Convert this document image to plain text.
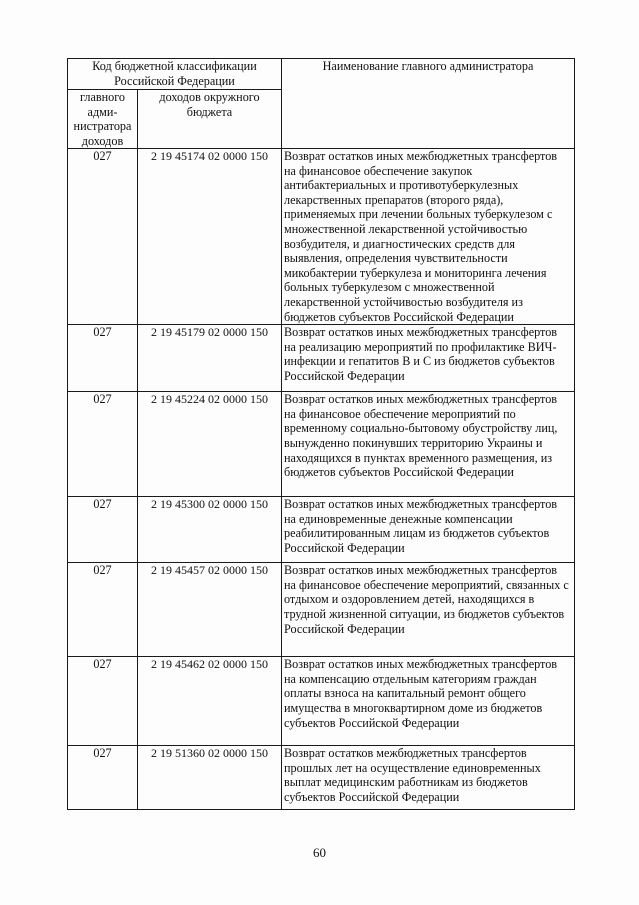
Код бюджетной классификации Российской Федерации		Наименование главного администратора
главного адми-нистратора доходов	доходов окружного бюджета	
027	2 19 45174 02 0000 150	Возврат остатков иных межбюджетных трансфертов на финансовое обеспечение закупок антибактериальных и противотуберкулезных лекарственных препаратов (второго ряда), применяемых при лечении больных туберкулезом с множественной лекарственной устойчивостью возбудителя, и диагностических средств для выявления, определения чувствительности микобактерии туберкулеза и мониторинга лечения больных туберкулезом с множественной лекарственной устойчивостью возбудителя из бюджетов субъектов Российской Федерации
027	2 19 45179 02 0000 150	Возврат остатков иных межбюджетных трансфертов на реализацию мероприятий по профилактике ВИЧ-инфекции и гепатитов B и C из бюджетов субъектов Российской Федерации
027	2 19 45224 02 0000 150	Возврат остатков иных межбюджетных трансфертов на финансовое обеспечение мероприятий по временному социально-бытовому обустройству лиц, вынужденно покинувших территорию Украины и находящихся в пунктах временного размещения, из бюджетов субъектов Российской Федерации
027	2 19 45300 02 0000 150	Возврат остатков иных межбюджетных трансфертов на единовременные денежные компенсации реабилитированным лицам из бюджетов субъектов Российской Федерации
027	2 19 45457 02 0000 150	Возврат остатков иных межбюджетных трансфертов на финансовое обеспечение мероприятий, связанных с отдыхом и оздоровлением детей, находящихся в трудной жизненной ситуации, из бюджетов субъектов Российской Федерации
027	2 19 45462 02 0000 150	Возврат остатков иных межбюджетных трансфертов на компенсацию отдельным категориям граждан оплаты взноса на капитальный ремонт общего имущества в многоквартирном доме из бюджетов субъектов Российской Федерации
027	2 19 51360 02 0000 150	Возврат остатков межбюджетных трансфертов прошлых лет на осуществление единовременных выплат медицинским работникам из бюджетов субъектов Российской Федерации
60
